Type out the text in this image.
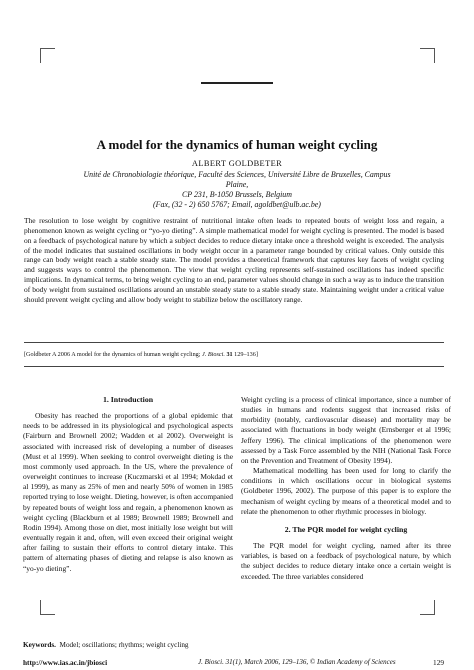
A model for the dynamics of human weight cycling
ALBERT GOLDBETER
Unité de Chronobiologie théorique, Faculté des Sciences, Université Libre de Bruxelles, Campus Plaine,
CP 231, B-1050 Brussels, Belgium
(Fax, (32 - 2) 650 5767; Email, agoldbet@ulb.ac.be)

The resolution to lose weight by cognitive restraint of nutritional intake often leads to repeated bouts of weight loss and regain, a phenomenon known as weight cycling or “yo-yo dieting”. A simple mathematical model for weight cycling is presented. The model is based on a feedback of psychological nature by which a subject decides to reduce dietary intake once a threshold weight is exceeded. The analysis of the model indicates that sustained oscillations in body weight occur in a parameter range bounded by critical values. Only outside this range can body weight reach a stable steady state. The model provides a theoretical framework that captures key facets of weight cycling and suggests ways to control the phenomenon. The view that weight cycling represents self-sustained oscillations has indeed specific implications. In dynamical terms, to bring weight cycling to an end, parameter values should change in such a way as to induce the transition of body weight from sustained oscillations around an unstable steady state to a stable steady state. Maintaining weight under a critical value should prevent weight cycling and allow body weight to stabilize below the oscillatory range.

[Goldbeter A 2006 A model for the dynamics of human weight cycling; J. Biosci. 31 129–136]
1. Introduction

Obesity has reached the proportions of a global epidemic that needs to be addressed in its physiological and psychological aspects (Fairburn and Brownell 2002; Wadden et al 2002). Overweight is associated with increased risk of developing a number of diseases (Must et al 1999). When seeking to control overweight dieting is the most commonly used approach. In the US, where the prevalence of overweight continues to increase (Kuczmarski et al 1994; Mokdad et al 1999), as many as 25% of men and nearly 50% of women in 1985 reported trying to lose weight. Dieting, however, is often accompanied by repeated bouts of weight loss and regain, a phenomenon known as weight cycling (Blackburn et al 1989; Brownell 1989; Brownell and Rodin 1994). Among those on diet, most initially lose weight but will eventually regain it and, often, will even exceed their original weight after failing to sustain their efforts to control dietary intake. This pattern of alternating phases of dieting and relapse is also known as “yo-yo dieting”.

Weight cycling is a process of clinical importance, since a number of studies in humans and rodents suggest that increased risks of morbidity (notably, cardiovascular disease) and mortality may be associated with fluctuations in body weight (Ernsberger et al 1996; Jeffery 1996). The clinical implications of the phenomenon were assessed by a Task Force assembled by the NIH (National Task Force on the Prevention and Treatment of Obesity 1994).

Mathematical modelling has been used for long to clarify the conditions in which oscillations occur in biological systems (Goldbeter 1996, 2002). The purpose of this paper is to explore the mechanism of weight cycling by means of a theoretical model and to relate the phenomenon to other rhythmic processes in biology.

2. The PQR model for weight cycling

The PQR model for weight cycling, named after its three variables, is based on a feedback of psychological nature, by which the subject decides to reduce dietary intake once a certain weight is exceeded. The three variables considered

Keywords. Model; oscillations; rhythms; weight cycling
http://www.ias.ac.in/jbiosci	J. Biosci. 31(1), March 2006, 129–136, © Indian Academy of Sciences	129
